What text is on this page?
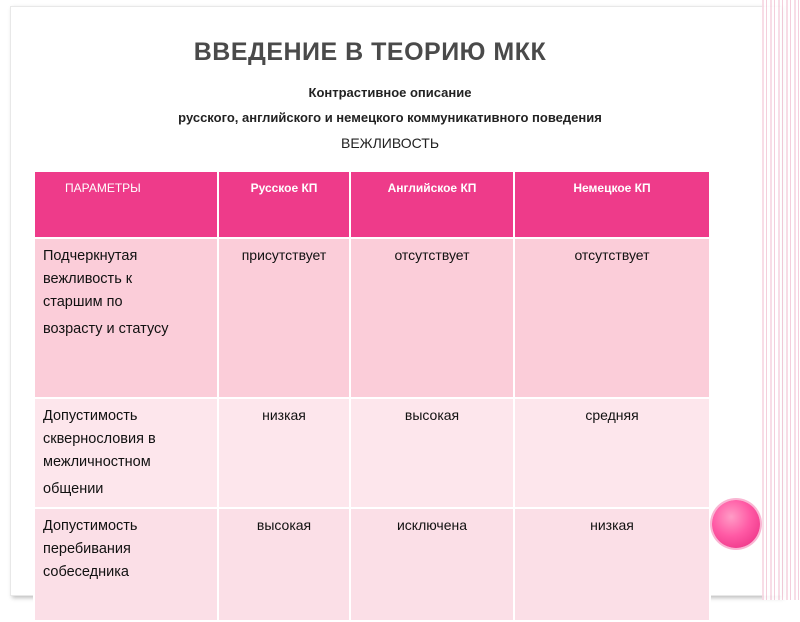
ВВЕДЕНИЕ В ТЕОРИЮ МКК
Контрастивное описание
русского, английского и немецкого коммуникативного поведения
ВЕЖЛИВОСТЬ
ПАРАМЕТРЫ	Русское КП	Английское КП	Немецкое КП

Подчеркнутая
вежливость к
старшим по
возрасту и статусу	присутствует	отсутствует	отсутствует

Допустимость
сквернословия в
межличностном
общении	низкая	высокая	средняя

Допустимость
перебивания
собеседника	высокая	исключена	низкая
